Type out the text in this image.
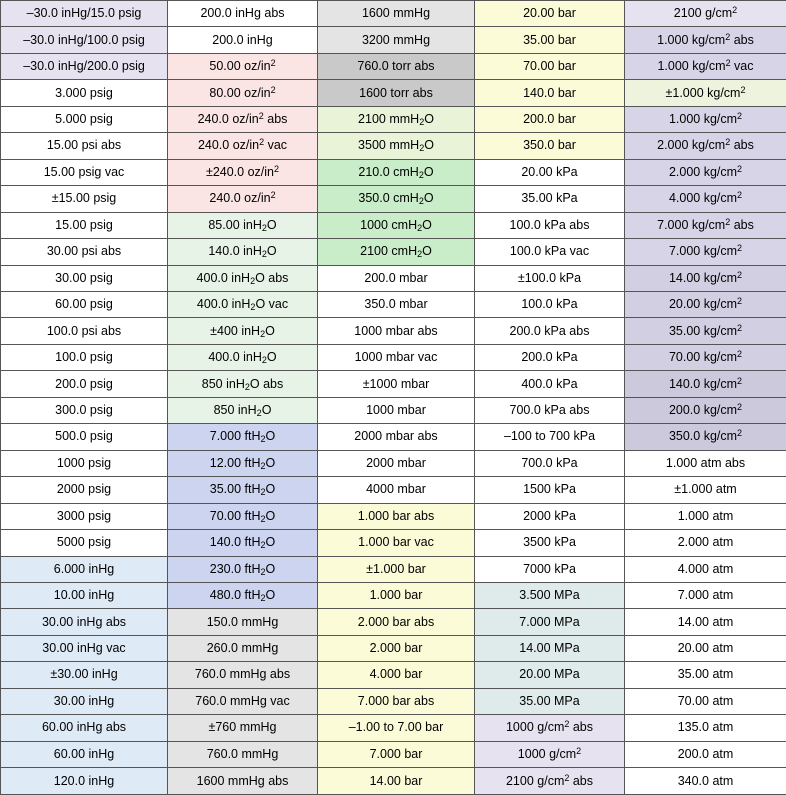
–30.0 inHg/15.0 psig	200.0 inHg abs	1600 mmHg	20.00 bar	2100 $g/cm^2$
–30.0 inHg/100.0 psig	200.0 inHg	3200 mmHg	35.00 bar	1.000 $kg/cm^2$ abs
–30.0 inHg/200.0 psig	50.00 $oz/in^2$	760.0 torr abs	70.00 bar	1.000 $kg/cm^2$ vac
3.000 psig	80.00 $oz/in^2$	1600 torr abs	140.0 bar	±1.000 $kg/cm^2$
5.000 psig	240.0 $oz/in^2$ abs	2100 mmH$_2$O	200.0 bar	1.000 $kg/cm^2$
15.00 psi abs	240.0 $oz/in^2$ vac	3500 mmH$_2$O	350.0 bar	2.000 $kg/cm^2$ abs
15.00 psig vac	±240.0 $oz/in^2$	210.0 cmH$_2$O	20.00 kPa	2.000 $kg/cm^2$
±15.00 psig	240.0 $oz/in^2$	350.0 cmH$_2$O	35.00 kPa	4.000 $kg/cm^2$
15.00 psig	85.00 inH$_2$O	1000 cmH$_2$O	100.0 kPa abs	7.000 $kg/cm^2$ abs
30.00 psi abs	140.0 inH$_2$O	2100 cmH$_2$O	100.0 kPa vac	7.000 $kg/cm^2$
30.00 psig	400.0 inH$_2$O abs	200.0 mbar	±100.0 kPa	14.00 $kg/cm^2$
60.00 psig	400.0 inH$_2$O vac	350.0 mbar	100.0 kPa	20.00 $kg/cm^2$
100.0 psi abs	±400 inH$_2$O	1000 mbar abs	200.0 kPa abs	35.00 $kg/cm^2$
100.0 psig	400.0 inH$_2$O	1000 mbar vac	200.0 kPa	70.00 $kg/cm^2$
200.0 psig	850 inH$_2$O abs	±1000 mbar	400.0 kPa	140.0 $kg/cm^2$
300.0 psig	850 inH$_2$O	1000 mbar	700.0 kPa abs	200.0 $kg/cm^2$
500.0 psig	7.000 ftH$_2$O	2000 mbar abs	–100 to 700 kPa	350.0 $kg/cm^2$
1000 psig	12.00 ftH$_2$O	2000 mbar	700.0 kPa	1.000 atm abs
2000 psig	35.00 ftH$_2$O	4000 mbar	1500 kPa	±1.000 atm
3000 psig	70.00 ftH$_2$O	1.000 bar abs	2000 kPa	1.000 atm
5000 psig	140.0 ftH$_2$O	1.000 bar vac	3500 kPa	2.000 atm
6.000 inHg	230.0 ftH$_2$O	±1.000 bar	7000 kPa	4.000 atm
10.00 inHg	480.0 ftH$_2$O	1.000 bar	3.500 MPa	7.000 atm
30.00 inHg abs	150.0 mmHg	2.000 bar abs	7.000 MPa	14.00 atm
30.00 inHg vac	260.0 mmHg	2.000 bar	14.00 MPa	20.00 atm
±30.00 inHg	760.0 mmHg abs	4.000 bar	20.00 MPa	35.00 atm
30.00 inHg	760.0 mmHg vac	7.000 bar abs	35.00 MPa	70.00 atm
60.00 inHg abs	±760 mmHg	–1.00 to 7.00 bar	1000 $g/cm^2$ abs	135.0 atm
60.00 inHg	760.0 mmHg	7.000 bar	1000 $g/cm^2$	200.0 atm
120.0 inHg	1600 mmHg abs	14.00 bar	2100 $g/cm^2$ abs	340.0 atm
